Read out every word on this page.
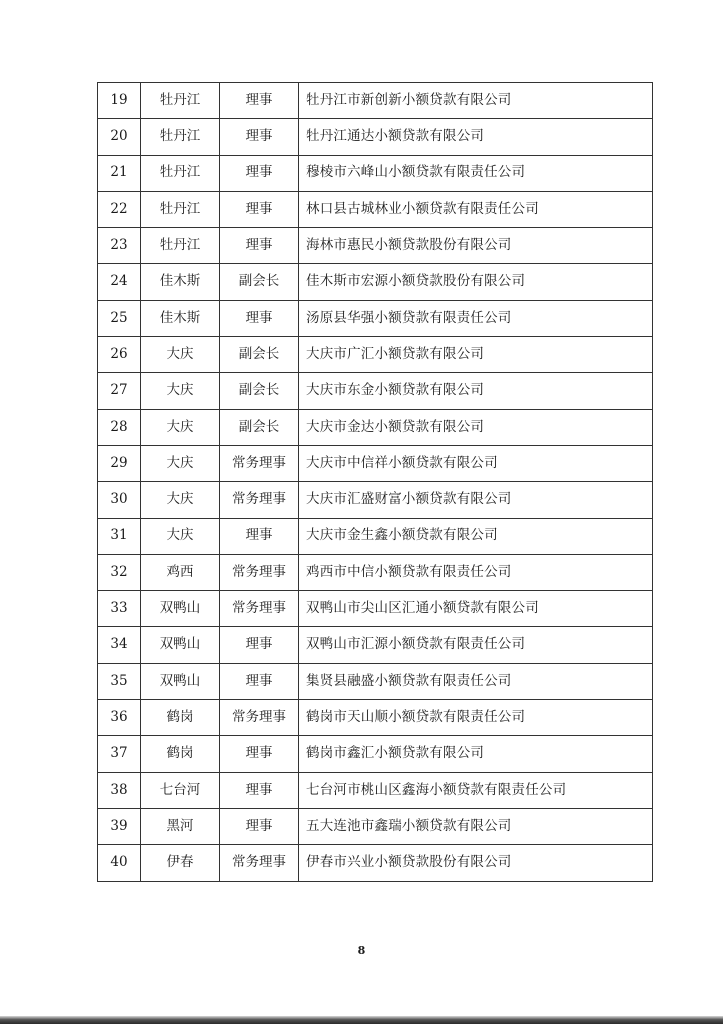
19	牡丹江	理事	牡丹江市新创新小额贷款有限公司
20	牡丹江	理事	牡丹江通达小额贷款有限公司
21	牡丹江	理事	穆棱市六峰山小额贷款有限责任公司
22	牡丹江	理事	林口县古城林业小额贷款有限责任公司
23	牡丹江	理事	海林市惠民小额贷款股份有限公司
24	佳木斯	副会长	佳木斯市宏源小额贷款股份有限公司
25	佳木斯	理事	汤原县华强小额贷款有限责任公司
26	大庆	副会长	大庆市广汇小额贷款有限公司
27	大庆	副会长	大庆市东金小额贷款有限公司
28	大庆	副会长	大庆市金达小额贷款有限公司
29	大庆	常务理事	大庆市中信祥小额贷款有限公司
30	大庆	常务理事	大庆市汇盛财富小额贷款有限公司
31	大庆	理事	大庆市金生鑫小额贷款有限公司
32	鸡西	常务理事	鸡西市中信小额贷款有限责任公司
33	双鸭山	常务理事	双鸭山市尖山区汇通小额贷款有限公司
34	双鸭山	理事	双鸭山市汇源小额贷款有限责任公司
35	双鸭山	理事	集贤县融盛小额贷款有限责任公司
36	鹤岗	常务理事	鹤岗市天山顺小额贷款有限责任公司
37	鹤岗	理事	鹤岗市鑫汇小额贷款有限公司
38	七台河	理事	七台河市桃山区鑫海小额贷款有限责任公司
39	黑河	理事	五大连池市鑫瑞小额贷款有限公司
40	伊春	常务理事	伊春市兴业小额贷款股份有限公司
8
